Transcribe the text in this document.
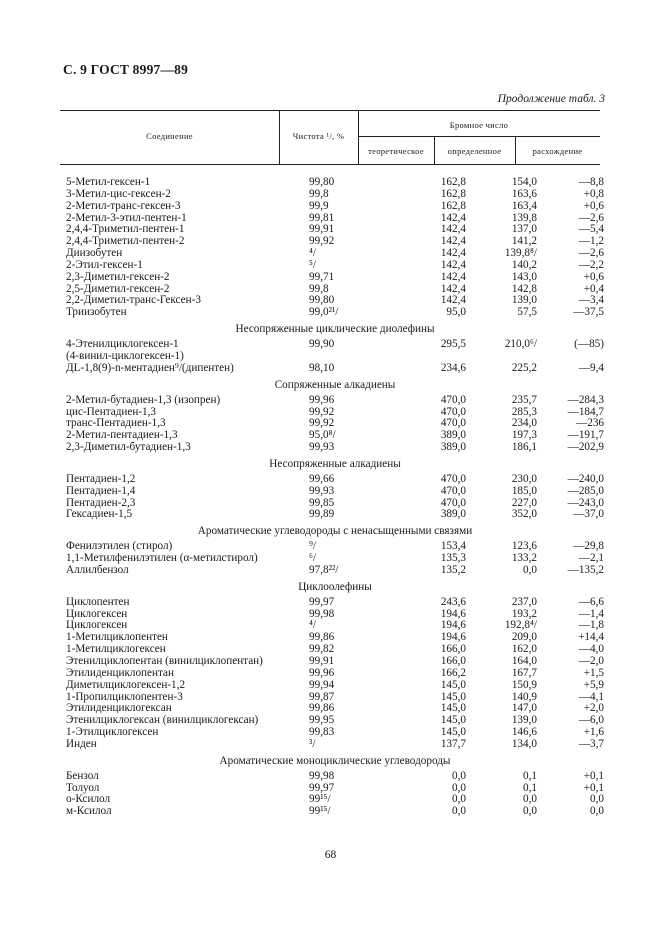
С. 9 ГОСТ 8997—89
Продолжение табл. 3
Соединение	Чистота ¹/, %
Бромное число
теоретическое	определенное	расхождение
5-Метил-гексен-1	99,80	162,8	154,0	—8,8
3-Метил-цис-гексен-2	99,8	162,8	163,6	+0,8
2-Метил-транс-гексен-3	99,9	162,8	163,4	+0,6
2-Метил-3-этил-пентен-1	99,81	142,4	139,8	—2,6
2,4,4-Триметил-пентен-1	99,91	142,4	137,0	—5,4
2,4,4-Триметил-пентен-2	99,92	142,4	141,2	—1,2
Диизобутен	⁴/	142,4	139,8⁸/	—2,6
2-Этил-гексен-1	⁵/	142,4	140,2	—2,2
2,3-Диметил-гексен-2	99,71	142,4	143,0	+0,6
2,5-Диметил-гексен-2	99,8	142,4	142,8	+0,4
2,2-Диметил-транс-Гексен-3	99,80	142,4	139,0	—3,4
Триизобутен	99,0²¹/	95,0	57,5	—37,5
Несопряженные циклические диолефины
4-Этенилциклогексен-1	99,90	295,5	210,0⁶/	(—85)
(4-винил-циклогексен-1)
ДL-1,8(9)-n-ментадиен⁹/(дипентен)	98,10	234,6	225,2	—9,4
Сопряженные алкадиены
2-Метил-бутадиен-1,3 (изопрен)	99,96	470,0	235,7	—284,3
цис-Пентадиен-1,3	99,92	470,0	285,3	—184,7
транс-Пентадиен-1,3	99,92	470,0	234,0	—236
2-Метил-пентадиен-1,3	95,0⁸/	389,0	197,3	—191,7
2,3-Диметил-бутадиен-1,3	99,93	389,0	186,1	—202,9
Несопряженные алкадиены
Пентадиен-1,2	99,66	470,0	230,0	—240,0
Пентадиен-1,4	99,93	470,0	185,0	—285,0
Пентадиен-2,3	99,85	470,0	227,0	—243,0
Гексадиен-1,5	99,89	389,0	352,0	—37,0
Ароматические углеводороды с ненасыщенными связями
Фенилэтилен (стирол)	⁹/	153,4	123,6	—29,8
1,1-Метилфенилэтилен (α-метилстирол)	⁶/	135,3	133,2	—2,1
Аллилбензол	97,8²²/	135,2	0,0	—135,2
Циклоолефины
Циклопентен	99,97	243,6	237,0	—6,6
Циклогексен	99,98	194,6	193,2	—1,4
Циклогексен	⁴/	194,6	192,8⁴/	—1,8
1-Метилциклопентен	99,86	194,6	209,0	+14,4
1-Метилциклогексен	99,82	166,0	162,0	—4,0
Этенилциклопентан (винилциклопентан)	99,91	166,0	164,0	—2,0
Этилиденциклопентан	99,96	166,2	167,7	+1,5
Диметилциклогексен-1,2	99,94	145,0	150,9	+5,9
1-Пропилциклопентен-3	99,87	145,0	140,9	—4,1
Этилиденциклогексан	99,86	145,0	147,0	+2,0
Этенилциклогексан (винилциклогексан)	99,95	145,0	139,0	—6,0
1-Этилциклогексен	99,83	145,0	146,6	+1,6
Инден	³/	137,7	134,0	—3,7
Ароматические моноциклические углеводороды
Бензол	99,98	0,0	0,1	+0,1
Толуол	99,97	0,0	0,1	+0,1
о-Ксилол	99¹⁵/	0,0	0,0	0,0
м-Ксилол	99¹⁵/	0,0	0,0	0,0
68
